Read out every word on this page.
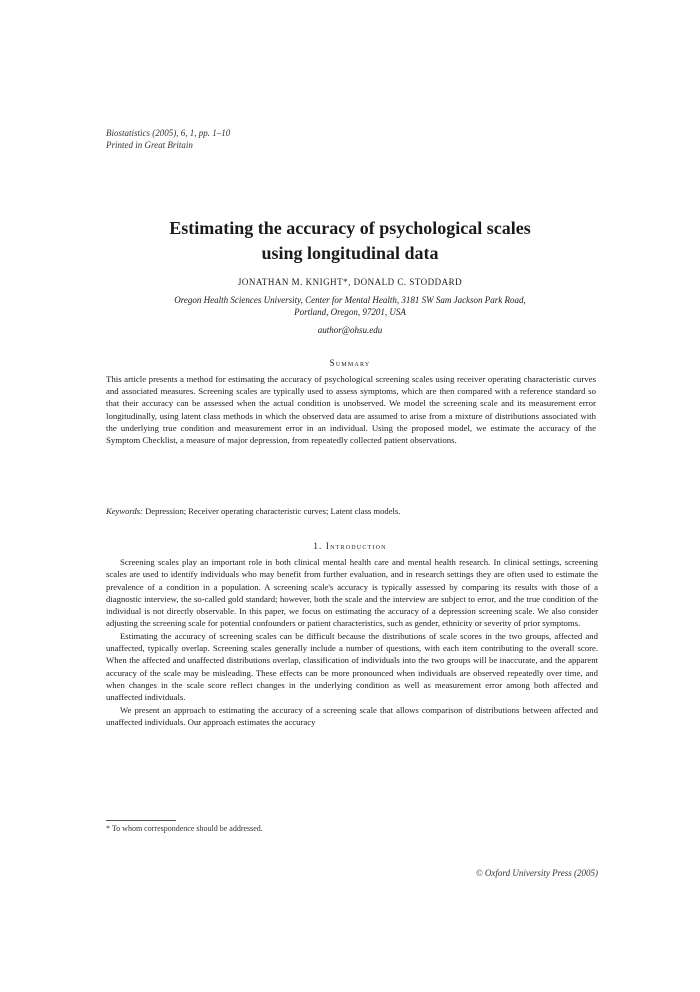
Biostatistics (2005), 6, 1, pp. 1–10
Printed in Great Britain
Estimating the accuracy of psychological scales
using longitudinal data
JONATHAN M. KNIGHT*, DONALD C. STODDARD
Oregon Health Sciences University, Center for Mental Health, 3181 SW Sam Jackson Park Road,
Portland, Oregon, 97201, USA
author@ohsu.edu
Summary
This article presents a method for estimating the accuracy of psychological screening scales using receiver operating characteristic curves and associated measures. Screening scales are typically used to assess symptoms, which are then compared with a reference standard so that their accuracy can be assessed when the actual condition is unobserved. We model the screening scale and its measurement error longitudinally, using latent class methods in which the observed data are assumed to arise from a mixture of distributions associated with the underlying true condition and measurement error in an individual. Using the proposed model, we estimate the accuracy of the Symptom Checklist, a measure of major depression, from repeatedly collected patient observations.
Keywords: Depression; Receiver operating characteristic curves; Latent class models.
1. Introduction

Screening scales play an important role in both clinical mental health care and mental health research. In clinical settings, screening scales are used to identify individuals who may benefit from further evaluation, and in research settings they are often used to estimate the prevalence of a condition in a population. A screening scale's accuracy is typically assessed by comparing its results with those of a diagnostic interview, the so-called gold standard; however, both the scale and the interview are subject to error, and the true condition of the individual is not directly observable. In this paper, we focus on estimating the accuracy of a depression screening scale. We also consider adjusting the screening scale for potential confounders or patient characteristics, such as gender, ethnicity or severity of prior symptoms.

Estimating the accuracy of screening scales can be difficult because the distributions of scale scores in the two groups, affected and unaffected, typically overlap. Screening scales generally include a number of questions, with each item contributing to the overall score. When the affected and unaffected distributions overlap, classification of individuals into the two groups will be inaccurate, and the apparent accuracy of the scale may be misleading. These effects can be more pronounced when individuals are observed repeatedly over time, and when changes in the scale score reflect changes in the underlying condition as well as measurement error among both affected and unaffected individuals.

We present an approach to estimating the accuracy of a screening scale that allows comparison of distributions between affected and unaffected individuals. Our approach estimates the accuracy

* To whom correspondence should be addressed.
© Oxford University Press (2005)
